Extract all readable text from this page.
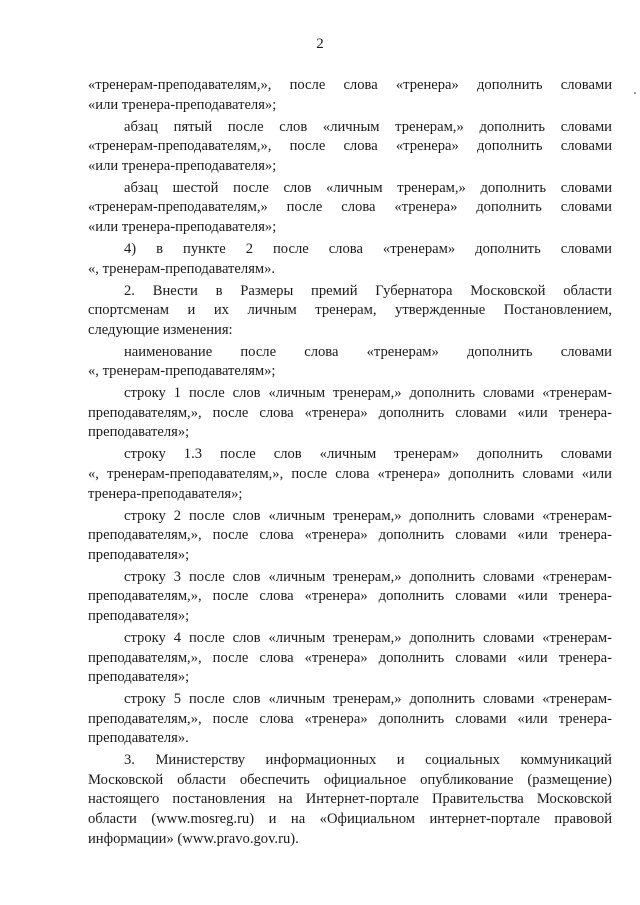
2
«тренерам-преподавателям,», после слова «тренера» дополнить словами
«или тренера-преподавателя»;
абзац пятый после слов «личным тренерам,» дополнить словами
«тренерам-преподавателям,», после слова «тренера» дополнить словами
«или тренера-преподавателя»;
абзац шестой после слов «личным тренерам,» дополнить словами
«тренерам-преподавателям,» после слова «тренера» дополнить словами
«или тренера-преподавателя»;
4) в пункте 2 после слова «тренерам» дополнить словами
«, тренерам-преподавателям».
2. Внести в Размеры премий Губернатора Московской области
спортсменам и их личным тренерам, утвержденные Постановлением,
следующие изменения:
наименование после слова «тренерам» дополнить словами
«, тренерам-преподавателям»;
строку 1 после слов «личным тренерам,» дополнить словами «тренерам-
преподавателям,», после слова «тренера» дополнить словами «или тренера-
преподавателя»;
строку 1.3 после слов «личным тренерам» дополнить словами
«, тренерам-преподавателям,», после слова «тренера» дополнить словами «или
тренера-преподавателя»;
строку 2 после слов «личным тренерам,» дополнить словами «тренерам-
преподавателям,», после слова «тренера» дополнить словами «или тренера-
преподавателя»;
строку 3 после слов «личным тренерам,» дополнить словами «тренерам-
преподавателям,», после слова «тренера» дополнить словами «или тренера-
преподавателя»;
строку 4 после слов «личным тренерам,» дополнить словами «тренерам-
преподавателям,», после слова «тренера» дополнить словами «или тренера-
преподавателя»;
строку 5 после слов «личным тренерам,» дополнить словами «тренерам-
преподавателям,», после слова «тренера» дополнить словами «или тренера-
преподавателя».
3. Министерству информационных и социальных коммуникаций
Московской области обеспечить официальное опубликование (размещение)
настоящего постановления на Интернет-портале Правительства Московской
области (www.mosreg.ru) и на «Официальном интернет-портале правовой
информации» (www.pravo.gov.ru).
